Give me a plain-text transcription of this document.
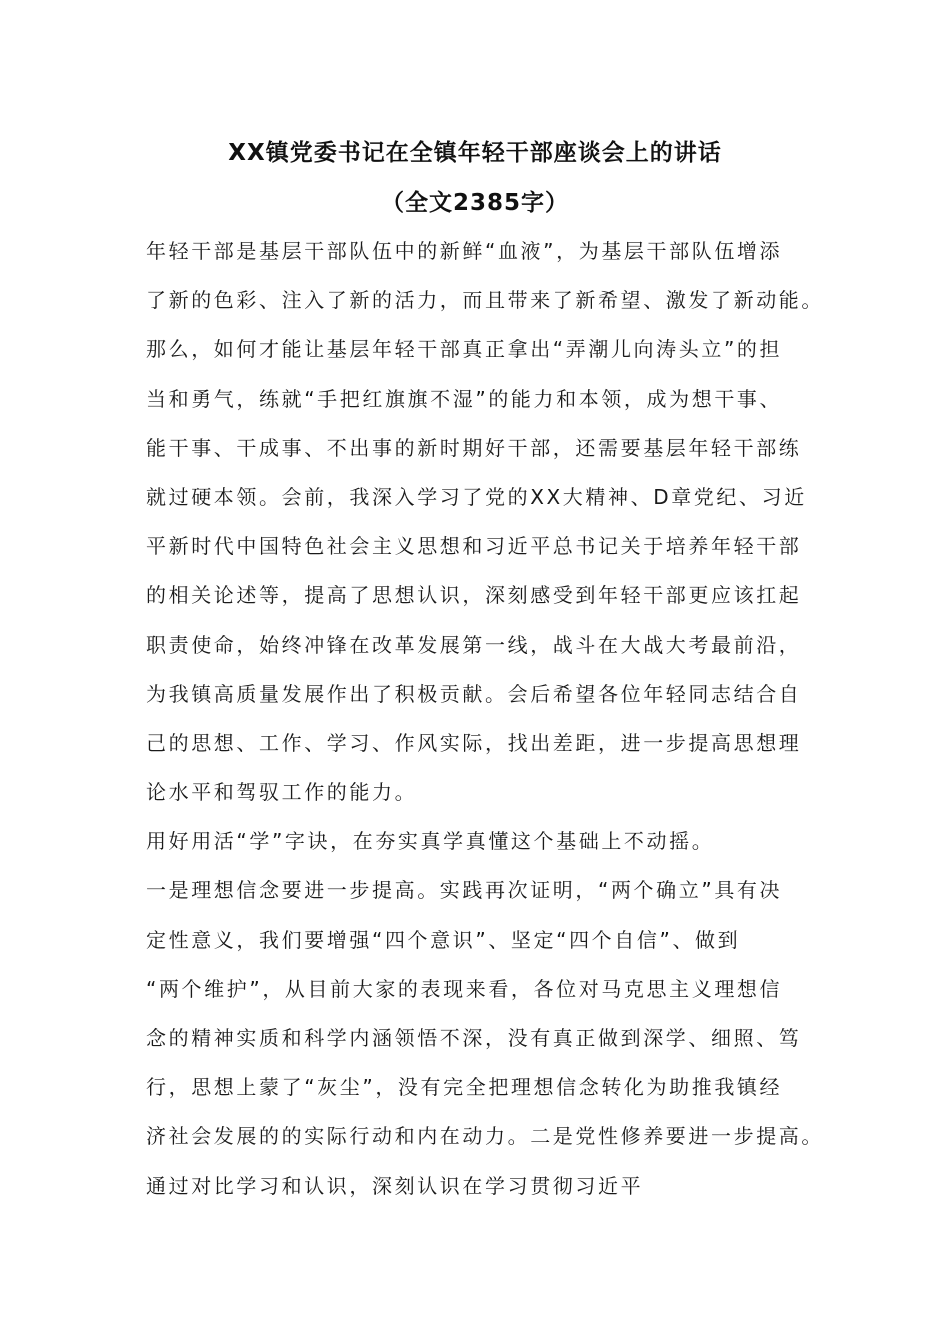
XX镇党委书记在全镇年轻干部座谈会上的讲话
（全文2385字）
年轻干部是基层干部队伍中的新鲜“血液”，为基层干部队伍增添
了新的色彩、注入了新的活力，而且带来了新希望、激发了新动能。
那么，如何才能让基层年轻干部真正拿出“弄潮儿向涛头立”的担
当和勇气，练就“手把红旗旗不湿”的能力和本领，成为想干事、
能干事、干成事、不出事的新时期好干部，还需要基层年轻干部练
就过硬本领。会前，我深入学习了党的XX大精神、D章党纪、习近
平新时代中国特色社会主义思想和习近平总书记关于培养年轻干部
的相关论述等，提高了思想认识，深刻感受到年轻干部更应该扛起
职责使命，始终冲锋在改革发展第一线，战斗在大战大考最前沿，
为我镇高质量发展作出了积极贡献。会后希望各位年轻同志结合自
己的思想、工作、学习、作风实际，找出差距，进一步提高思想理
论水平和驾驭工作的能力。
用好用活“学”字诀，在夯实真学真懂这个基础上不动摇。
一是理想信念要进一步提高。实践再次证明，“两个确立”具有决
定性意义，我们要增强“四个意识”、坚定“四个自信”、做到
“两个维护”，从目前大家的表现来看，各位对马克思主义理想信
念的精神实质和科学内涵领悟不深，没有真正做到深学、细照、笃
行，思想上蒙了“灰尘”，没有完全把理想信念转化为助推我镇经
济社会发展的的实际行动和内在动力。二是党性修养要进一步提高。
通过对比学习和认识，深刻认识在学习贯彻习近平
